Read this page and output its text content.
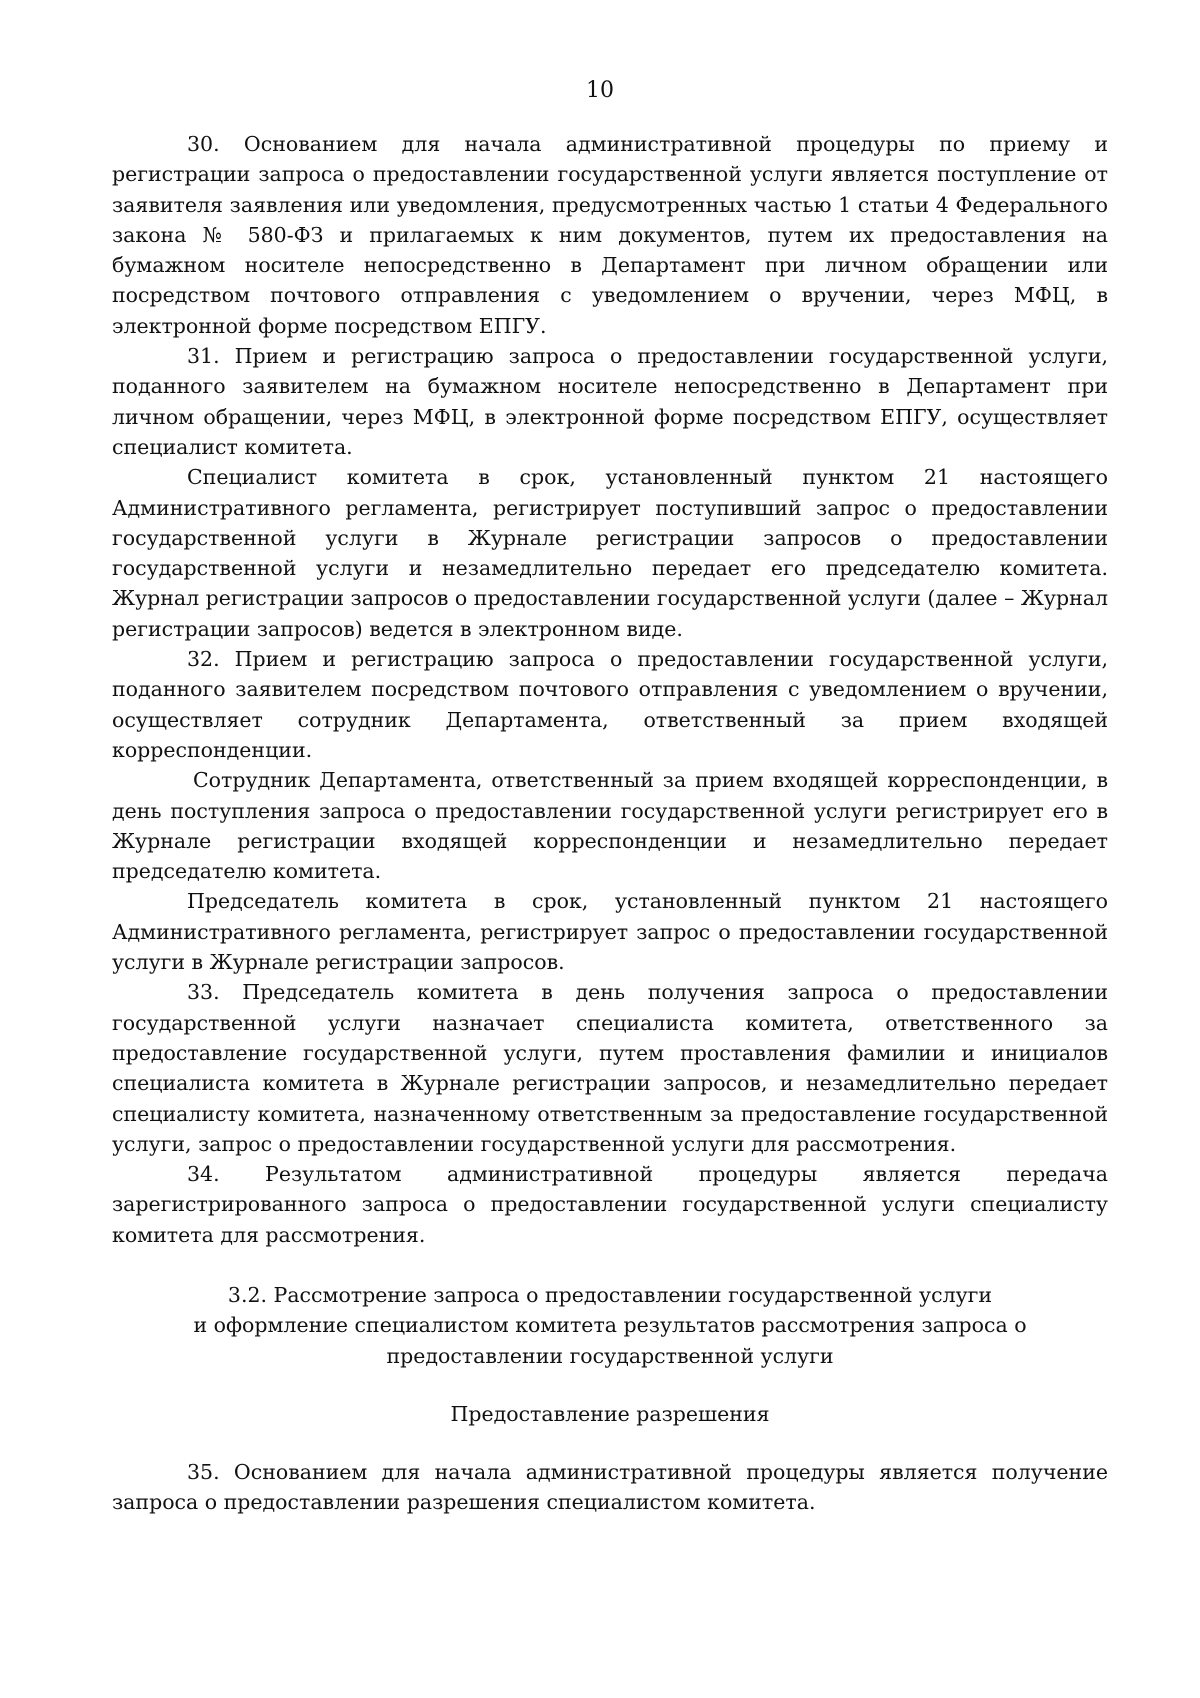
10

30. Основанием для начала административной процедуры по приему и регистрации запроса о предоставлении государственной услуги является поступление от заявителя заявления или уведомления, предусмотренных частью 1 статьи 4 Федерального закона № 580-ФЗ и прилагаемых к ним документов, путем их предоставления на бумажном носителе непосредственно в Департамент при личном обращении или посредством почтового отправления с уведомлением о вручении, через МФЦ, в электронной форме посредством ЕПГУ.

31. Прием и регистрацию запроса о предоставлении государственной услуги, поданного заявителем на бумажном носителе непосредственно в Департамент при личном обращении, через МФЦ, в электронной форме посредством ЕПГУ, осуществляет специалист комитета.

Специалист комитета в срок, установленный пунктом 21 настоящего Административного регламента, регистрирует поступивший запрос о предоставлении государственной услуги в Журнале регистрации запросов о предоставлении государственной услуги и незамедлительно передает его председателю комитета. Журнал регистрации запросов о предоставлении государственной услуги (далее – Журнал регистрации запросов) ведется в электронном виде.

32. Прием и регистрацию запроса о предоставлении государственной услуги, поданного заявителем посредством почтового отправления с уведомлением о вручении, осуществляет сотрудник Департамента, ответственный за прием входящей корреспонденции.

Сотрудник Департамента, ответственный за прием входящей корреспонденции, в день поступления запроса о предоставлении государственной услуги регистрирует его в Журнале регистрации входящей корреспонденции и незамедлительно передает председателю комитета.

Председатель комитета в срок, установленный пунктом 21 настоящего Административного регламента, регистрирует запрос о предоставлении государственной услуги в Журнале регистрации запросов.

33. Председатель комитета в день получения запроса о предоставлении государственной услуги назначает специалиста комитета, ответственного за предоставление государственной услуги, путем проставления фамилии и инициалов специалиста комитета в Журнале регистрации запросов, и незамедлительно передает специалисту комитета, назначенному ответственным за предоставление государственной услуги, запрос о предоставлении государственной услуги для рассмотрения.

34. Результатом административной процедуры является передача зарегистрированного запроса о предоставлении государственной услуги специалисту комитета для рассмотрения.

3.2. Рассмотрение запроса о предоставлении государственной услуги
и оформление специалистом комитета результатов рассмотрения запроса о
предоставлении государственной услуги
Предоставление разрешения

35. Основанием для начала административной процедуры является получение запроса о предоставлении разрешения специалистом комитета.
